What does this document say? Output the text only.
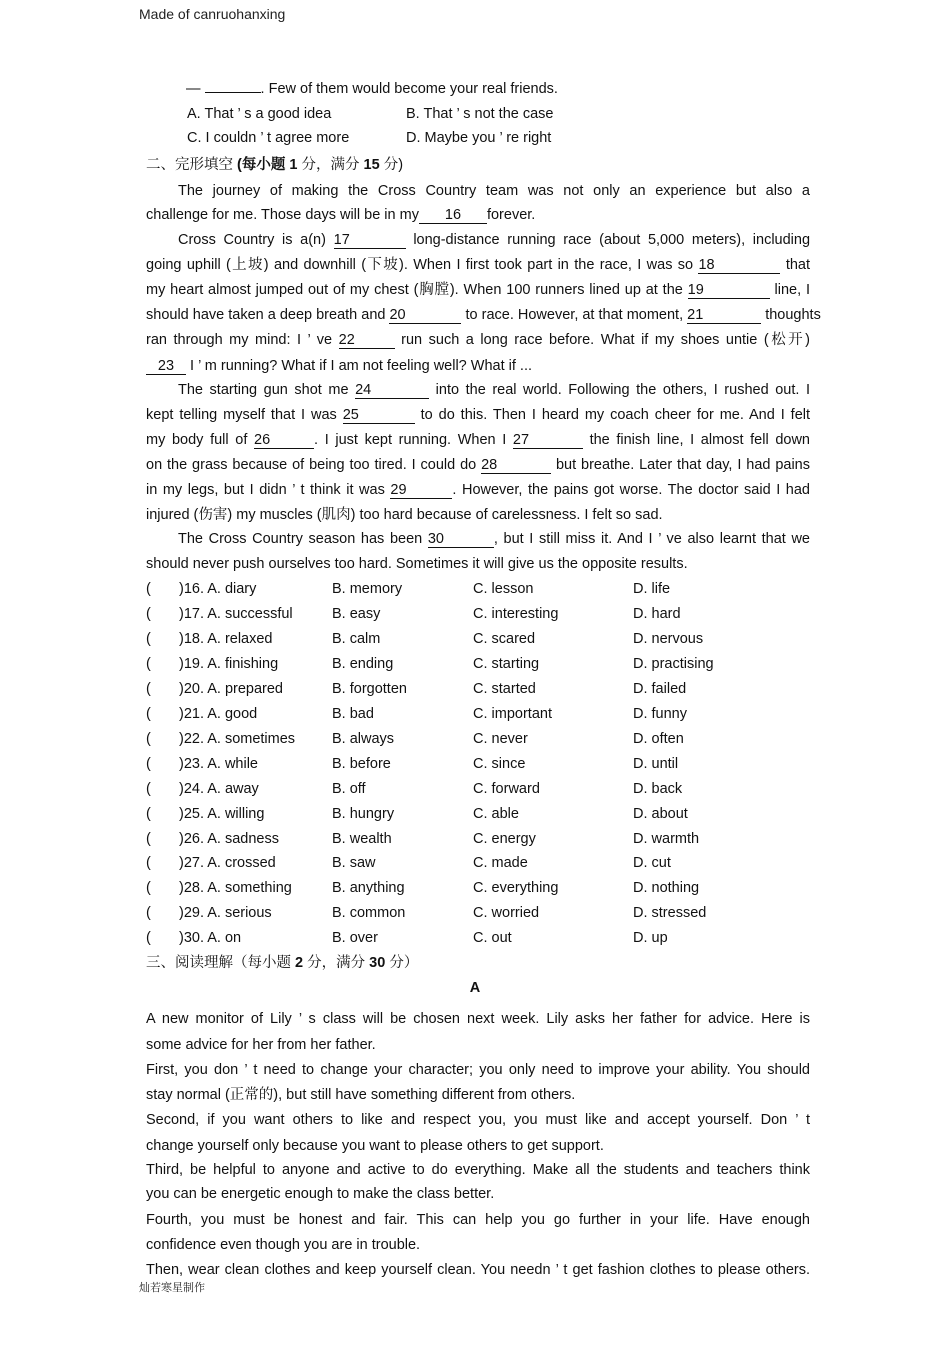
Made of canruohanxing
—	. Few of them would become your real friends.
A. That ’ s a good idea	B. That ’ s not the case
C. I couldn ’ t agree more	D. Maybe you ’ re right
二、完形填空 (每小题 1 分，满分 15 分)
The journey of making the Cross Country team was not only an experience but also a
challenge for me. Those days will be in my 16 forever.
Cross Country is a(n) 17	long-distance running race (about 5,000 meters), including
going uphill (上坡) and downhill (下坡). When I first took part in the race, I was so 18	that
my heart almost jumped out of my chest (胸膛). When 100 runners lined up at the 19	line, I
should have taken a deep breath and 20	to race. However, at that moment, 21	thoughts
ran through my mind: I ’ ve 22	run such a long race before. What if my shoes untie (松开)
23 I ’ m running? What if I am not feeling well? What if ...
The starting gun shot me 24	into the real world. Following the others, I rushed out. I
kept telling myself that I was 25	to do this. Then I heard my coach cheer for me. And I felt
my body full of 26	. I just kept running. When I 27	the finish line, I almost fell down
on the grass because of being too tired. I could do 28	but breathe. Later that day, I had pains
in my legs, but I didn ’ t think it was 29	. However, the pains got worse. The doctor said I had
injured (伤害) my muscles (肌肉) too hard because of carelessness. I felt so sad.
The Cross Country season has been 30	, but I still miss it. And I ’ ve also learnt that we
should never push ourselves too hard. Sometimes it will give us the opposite results.
( )16. A. diary	B. memory	C. lesson	D. life
( )17. A. successful	B. easy	C. interesting	D. hard
( )18. A. relaxed	B. calm	C. scared	D. nervous
( )19. A. finishing	B. ending	C. starting	D. practising
( )20. A. prepared	B. forgotten	C. started	D. failed
( )21. A. good	B. bad	C. important	D. funny
( )22. A. sometimes	B. always	C. never	D. often
( )23. A. while	B. before	C. since	D. until
( )24. A. away	B. off	C. forward	D. back
( )25. A. willing	B. hungry	C. able	D. about
( )26. A. sadness	B. wealth	C. energy	D. warmth
( )27. A. crossed	B. saw	C. made	D. cut
( )28. A. something	B. anything	C. everything	D. nothing
( )29. A. serious	B. common	C. worried	D. stressed
( )30. A. on	B. over	C. out	D. up
三、阅读理解（每小题 2 分，满分 30 分）
A
A new monitor of Lily ’ s class will be chosen next week. Lily asks her father for advice. Here is
some advice for her from her father.
First, you don ’ t need to change your character; you only need to improve your ability. You should
stay normal (正常的), but still have something different from others.
Second, if you want others to like and respect you, you must like and accept yourself. Don ’ t
change yourself only because you want to please others to get support.
Third, be helpful to anyone and active to do everything. Make all the students and teachers think
you can be energetic enough to make the class better.
Fourth, you must be honest and fair. This can help you go further in your life. Have enough
confidence even though you are in trouble.
Then, wear clean clothes and keep yourself clean. You needn ’ t get fashion clothes to please others.
灿若寒星制作
